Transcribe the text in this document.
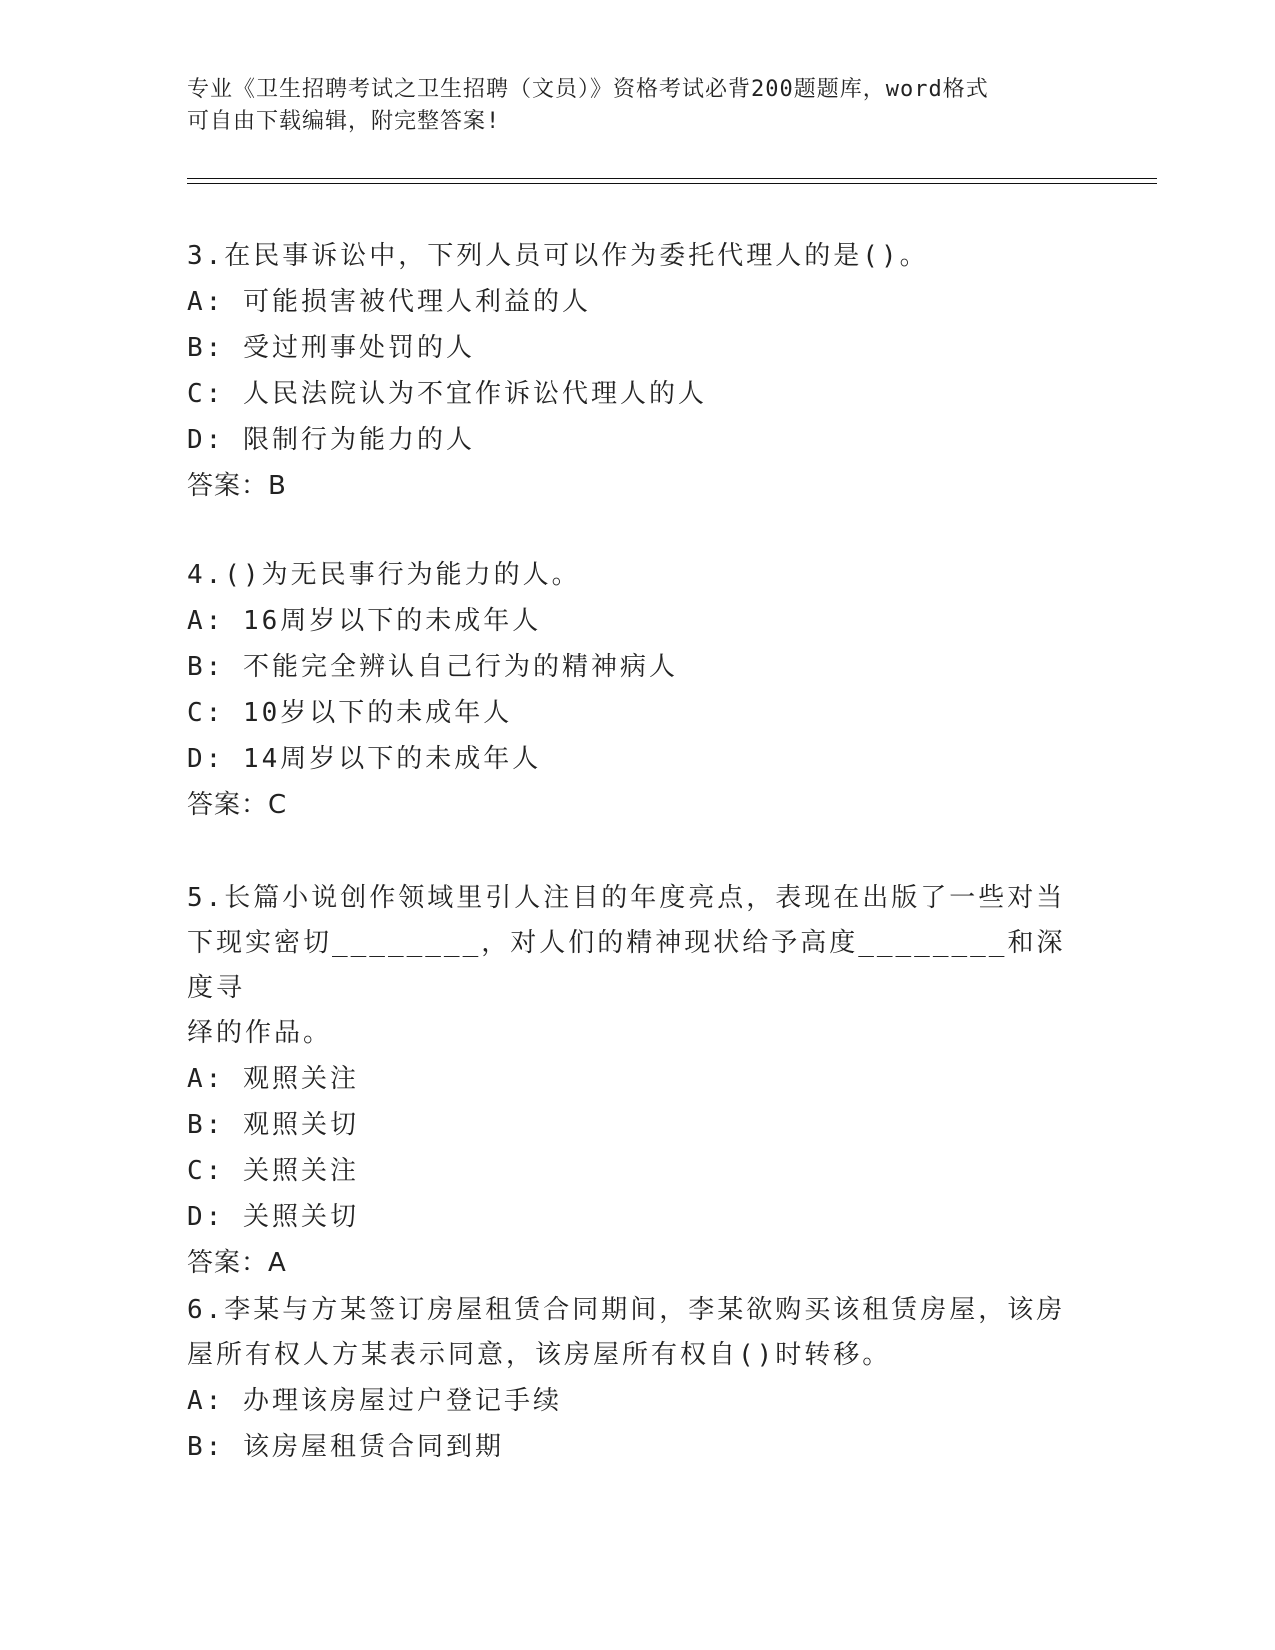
专业《卫生招聘考试之卫生招聘（文员）》资格考试必背200题题库，word格式
可自由下载编辑，附完整答案!
3.在民事诉讼中，下列人员可以作为委托代理人的是()。
A: 可能损害被代理人利益的人
B: 受过刑事处罚的人
C: 人民法院认为不宜作诉讼代理人的人
D: 限制行为能力的人
答案：B
4.()为无民事行为能力的人。
A: 16周岁以下的未成年人
B: 不能完全辨认自己行为的精神病人
C: 10岁以下的未成年人
D: 14周岁以下的未成年人
答案：C
5.长篇小说创作领域里引人注目的年度亮点，表现在出版了一些对当
下现实密切________，对人们的精神现状给予高度________和深度寻
绎的作品。
A: 观照关注
B: 观照关切
C: 关照关注
D: 关照关切
答案：A
6.李某与方某签订房屋租赁合同期间，李某欲购买该租赁房屋，该房
屋所有权人方某表示同意，该房屋所有权自()时转移。
A: 办理该房屋过户登记手续
B: 该房屋租赁合同到期
